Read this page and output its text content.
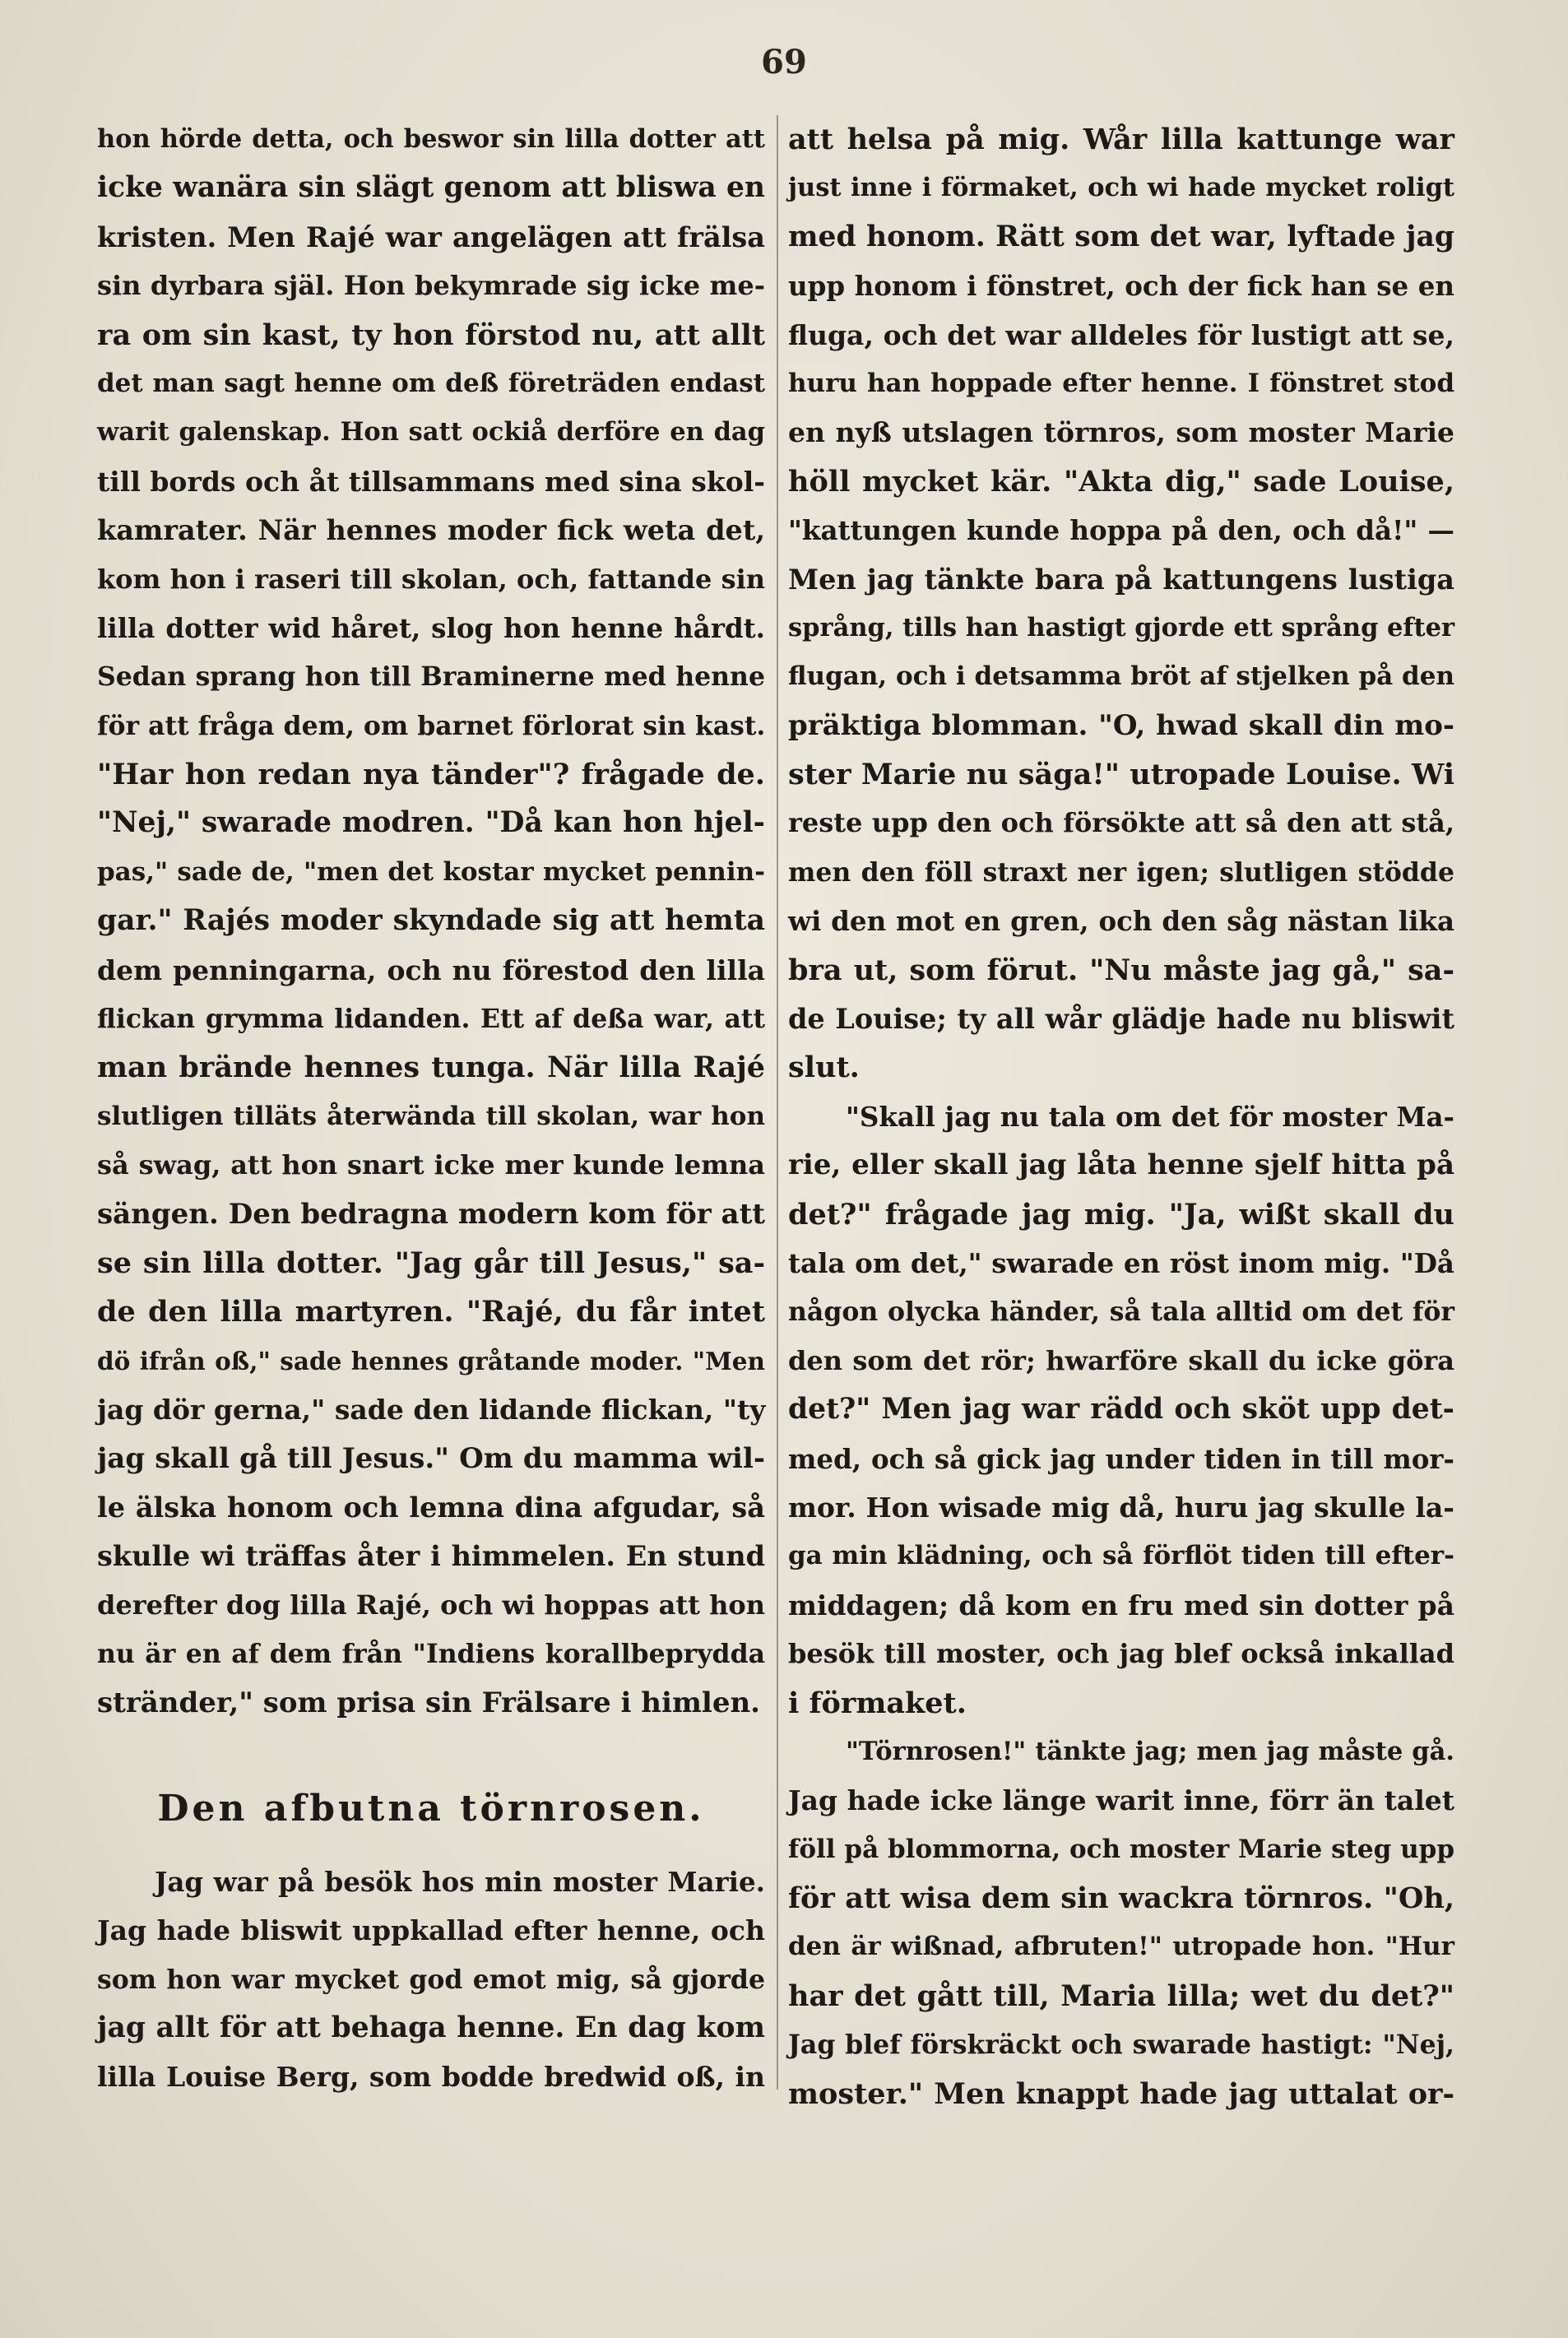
69
hon hörde detta, och beswor sin lilla dotter att
icke wanära sin slägt genom att bliswa en
kristen. Men Rajé war angelägen att frälsa
sin dyrbara själ. Hon bekymrade sig icke me-
ra om sin kast, ty hon förstod nu, att allt
det man sagt henne om deß företräden endast
warit galenskap. Hon satt ockiå derföre en dag
till bords och åt tillsammans med sina skol-
kamrater. När hennes moder fick weta det,
kom hon i raseri till skolan, och, fattande sin
lilla dotter wid håret, slog hon henne hårdt.
Sedan sprang hon till Braminerne med henne
för att fråga dem, om barnet förlorat sin kast.
"Har hon redan nya tänder"? frågade de.
"Nej," swarade modren. "Då kan hon hjel-
pas," sade de, "men det kostar mycket pennin-
gar." Rajés moder skyndade sig att hemta
dem penningarna, och nu förestod den lilla
flickan grymma lidanden. Ett af deßa war, att
man brände hennes tunga. När lilla Rajé
slutligen tilläts återwända till skolan, war hon
så swag, att hon snart icke mer kunde lemna
sängen. Den bedragna modern kom för att
se sin lilla dotter. "Jag går till Jesus," sa-
de den lilla martyren. "Rajé, du får intet
dö ifrån oß," sade hennes gråtande moder. "Men
jag dör gerna," sade den lidande flickan, "ty
jag skall gå till Jesus." Om du mamma wil-
le älska honom och lemna dina afgudar, så
skulle wi träffas åter i himmelen. En stund
derefter dog lilla Rajé, och wi hoppas att hon
nu är en af dem från "Indiens korallbeprydda
stränder," som prisa sin Frälsare i himlen.
Den afbutna törnrosen.
Jag war på besök hos min moster Marie.
Jag hade bliswit uppkallad efter henne, och
som hon war mycket god emot mig, så gjorde
jag allt för att behaga henne. En dag kom
lilla Louise Berg, som bodde bredwid oß, in
att helsa på mig. Wår lilla kattunge war
just inne i förmaket, och wi hade mycket roligt
med honom. Rätt som det war, lyftade jag
upp honom i fönstret, och der fick han se en
fluga, och det war alldeles för lustigt att se,
huru han hoppade efter henne. I fönstret stod
en nyß utslagen törnros, som moster Marie
höll mycket kär. "Akta dig," sade Louise,
"kattungen kunde hoppa på den, och då!" —
Men jag tänkte bara på kattungens lustiga
språng, tills han hastigt gjorde ett språng efter
flugan, och i detsamma bröt af stjelken på den
präktiga blomman. "O, hwad skall din mo-
ster Marie nu säga!" utropade Louise. Wi
reste upp den och försökte att så den att stå,
men den föll straxt ner igen; slutligen stödde
wi den mot en gren, och den såg nästan lika
bra ut, som förut. "Nu måste jag gå," sa-
de Louise; ty all wår glädje hade nu bliswit
slut.
"Skall jag nu tala om det för moster Ma-
rie, eller skall jag låta henne sjelf hitta på
det?" frågade jag mig. "Ja, wißt skall du
tala om det," swarade en röst inom mig. "Då
någon olycka händer, så tala alltid om det för
den som det rör; hwarföre skall du icke göra
det?" Men jag war rädd och sköt upp det-
med, och så gick jag under tiden in till mor-
mor. Hon wisade mig då, huru jag skulle la-
ga min klädning, och så förflöt tiden till efter-
middagen; då kom en fru med sin dotter på
besök till moster, och jag blef också inkallad
i förmaket.
"Törnrosen!" tänkte jag; men jag måste gå.
Jag hade icke länge warit inne, förr än talet
föll på blommorna, och moster Marie steg upp
för att wisa dem sin wackra törnros. "Oh,
den är wißnad, afbruten!" utropade hon. "Hur
har det gått till, Maria lilla; wet du det?"
Jag blef förskräckt och swarade hastigt: "Nej,
moster." Men knappt hade jag uttalat or-
